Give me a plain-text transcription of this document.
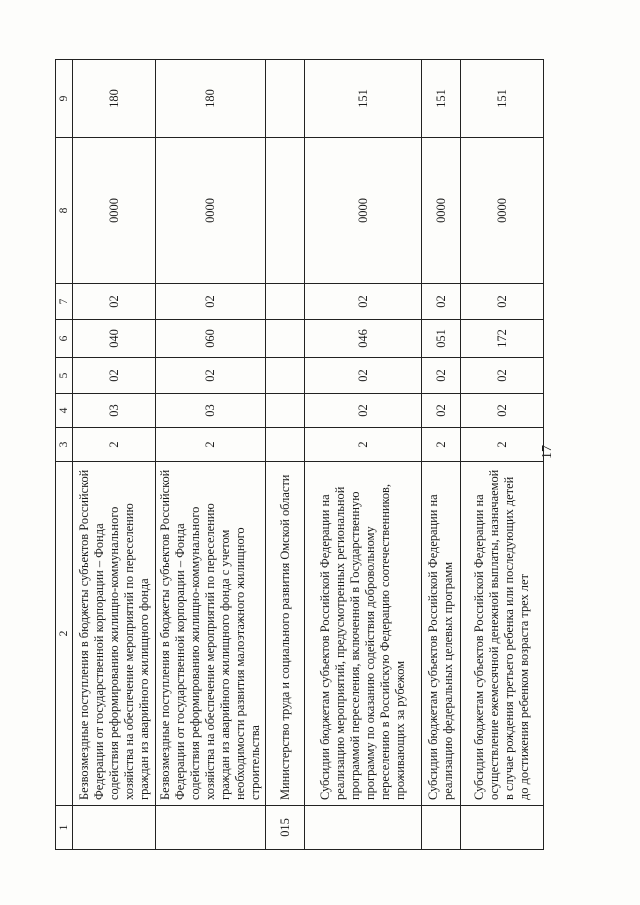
17
1	2	3	4	5	6	7	8	9
	Безвозмездные поступления в бюджеты субъектов Российской Федерации от государственной корпорации – Фонда содействия реформированию жилищно-коммунального хозяйства на обеспечение мероприятий по переселению граждан из аварийного жилищного фонда	2	03	02	040	02	0000	180
	Безвозмездные поступления в бюджеты субъектов Российской Федерации от государственной корпорации – Фонда содействия реформированию жилищно-коммунального хозяйства на обеспечение мероприятий по переселению граждан из аварийного жилищного фонда с учетом необходимости развития малоэтажного жилищного строительства	2	03	02	060	02	0000	180
015	Министерство труда и социального развития Омской области							
	Субсидии бюджетам субъектов Российской Федерации на реализацию мероприятий, предусмотренных региональной программой переселения, включенной в Государственную программу по оказанию содействия добровольному переселению в Российскую Федерацию соотечественников, проживающих за рубежом	2	02	02	046	02	0000	151
	Субсидии бюджетам субъектов Российской Федерации на реализацию федеральных целевых программ	2	02	02	051	02	0000	151
	Субсидии бюджетам субъектов Российской Федерации на осуществление ежемесячной денежной выплаты, назначаемой в случае рождения третьего ребенка или последующих детей до достижения ребенком возраста трех лет	2	02	02	172	02	0000	151
